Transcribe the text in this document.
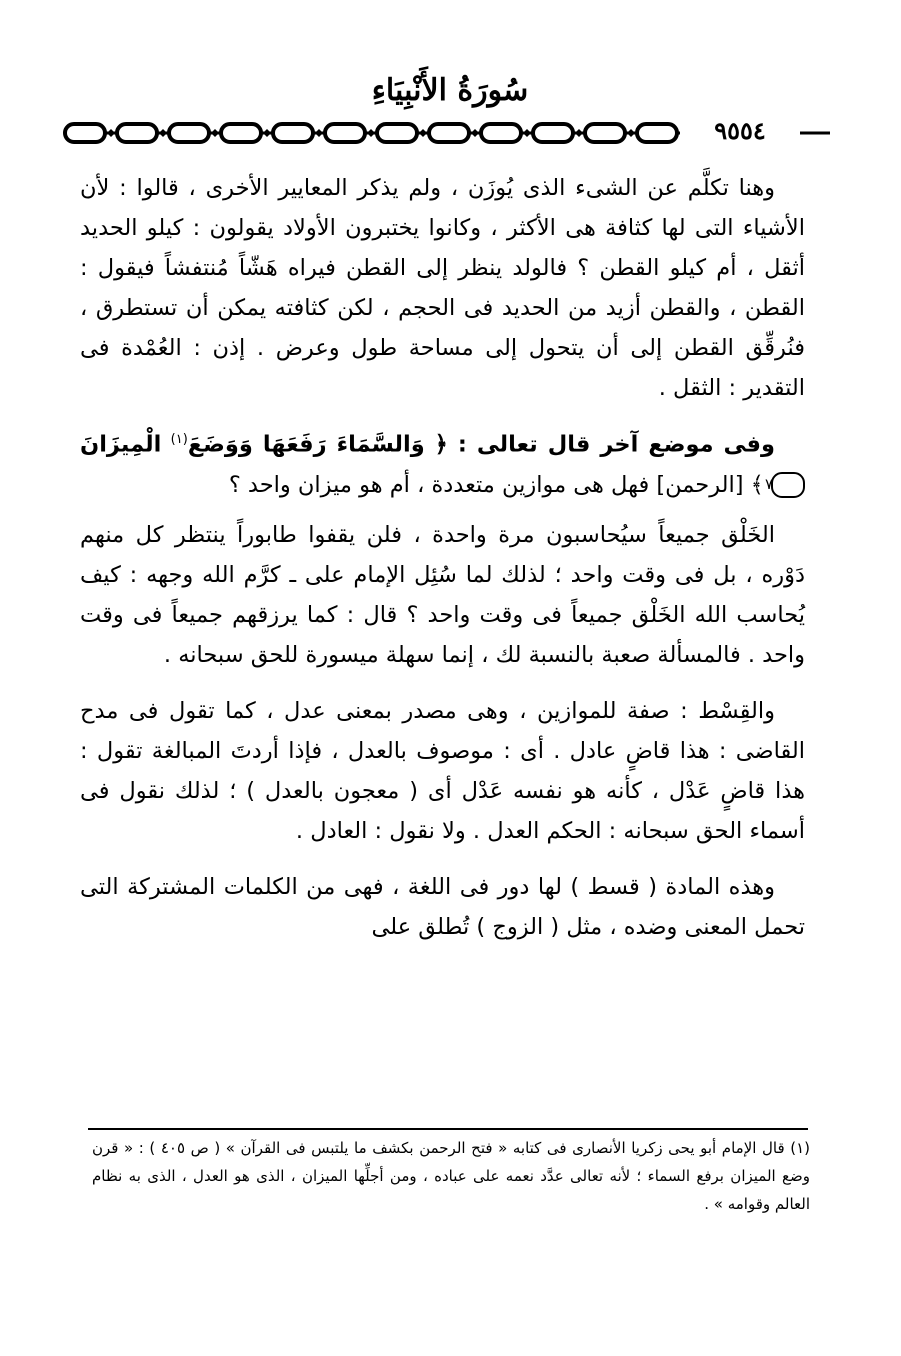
سُورَةُ الأَنْبِيَاءِ
٩٥٥٤

وهنا تكلَّم عن الشىء الذى يُوزَن ، ولم يذكر المعايير الأخرى ، قالوا : لأن الأشياء التى لها كثافة هى الأكثر ، وكانوا يختبرون الأولاد يقولون : كيلو الحديد أثقل ، أم كيلو القطن ؟ فالولد ينظر إلى القطن فيراه هَشّاً مُنتفشاً فيقول : القطن ، والقطن أزيد من الحديد فى الحجم ، لكن كثافته يمكن أن تستطرق ، فنُرقِّق القطن إلى أن يتحول إلى مساحة طول وعرض . إذن : العُمْدة فى التقدير : الثقل .

وفى موضع آخر قال تعالى : ﴿ وَالسَّمَاءَ رَفَعَهَا وَوَضَعَ$^{(١)}$ الْمِيزَانَ ٧ ﴾ [الرحمن] فهل هى موازين متعددة ، أم هو ميزان واحد ؟

الخَلْق جميعاً سيُحاسبون مرة واحدة ، فلن يقفوا طابوراً ينتظر كل منهم دَوْره ، بل فى وقت واحد ؛ لذلك لما سُئِل الإمام على ـ كرَّم الله وجهه : كيف يُحاسب الله الخَلْق جميعاً فى وقت واحد ؟ قال : كما يرزقهم جميعاً فى وقت واحد . فالمسألة صعبة بالنسبة لك ، إنما سهلة ميسورة للحق سبحانه .

والقِسْط : صفة للموازين ، وهى مصدر بمعنى عدل ، كما تقول فى مدح القاضى : هذا قاضٍ عادل . أى : موصوف بالعدل ، فإذا أردتَ المبالغة تقول : هذا قاضٍ عَدْل ، كأنه هو نفسه عَدْل أى ( معجون بالعدل ) ؛ لذلك نقول فى أسماء الحق سبحانه : الحكم العدل . ولا نقول : العادل .

وهذه المادة ( قسط ) لها دور فى اللغة ، فهى من الكلمات المشتركة التى تحمل المعنى وضده ، مثل ( الزوج ) تُطلق على

(١) قال الإمام أبو يحى زكريا الأنصارى فى كتابه « فتح الرحمن بكشف ما يلتبس فى القرآن » ( ص ٤٠٥ ) : « قرن وضع الميزان برفع السماء ؛ لأنه تعالى عدَّد نعمه على عباده ، ومن أجلِّها الميزان ، الذى هو العدل ، الذى به نظام العالم وقوامه » .
